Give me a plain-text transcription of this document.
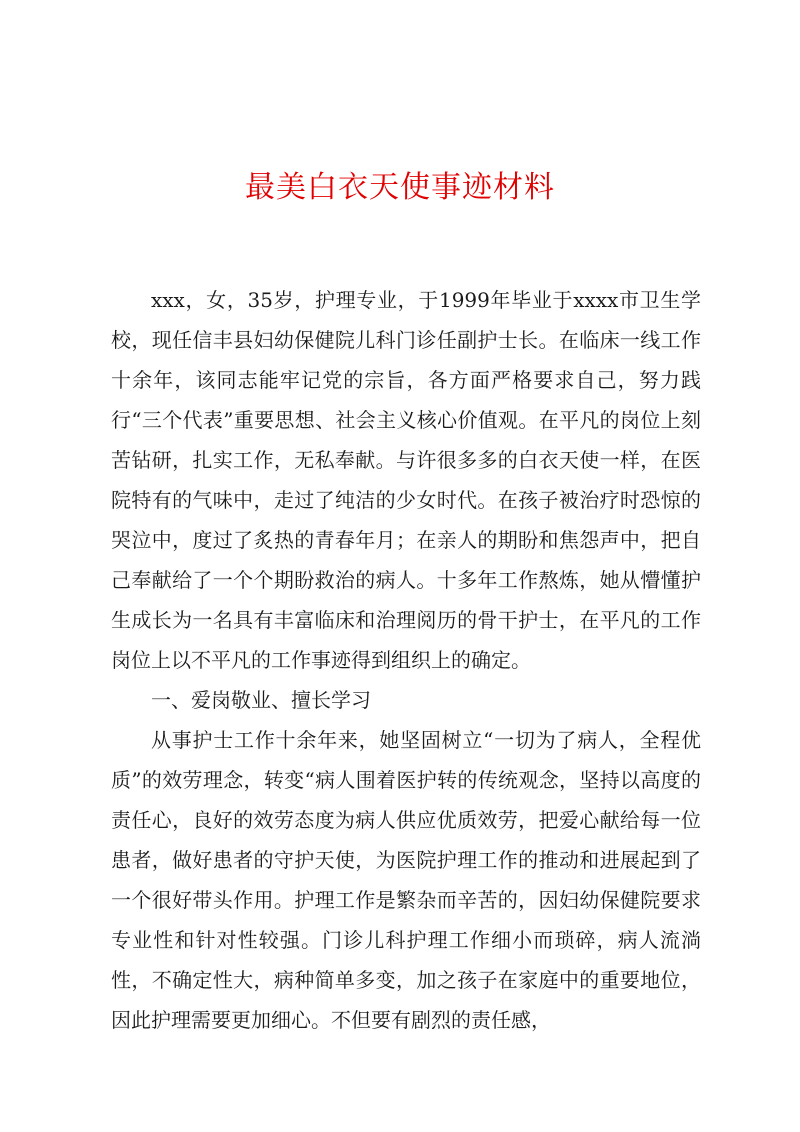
最美白衣天使事迹材料

xxx，女，35岁，护理专业，于1999年毕业于xxxx市卫生学校，现任信丰县妇幼保健院儿科门诊任副护士长。在临床一线工作十余年，该同志能牢记党的宗旨，各方面严格要求自己，努力践行“三个代表”重要思想、社会主义核心价值观。在平凡的岗位上刻苦钻研，扎实工作，无私奉献。与许很多多的白衣天使一样，在医院特有的气味中，走过了纯洁的少女时代。在孩子被治疗时恐惊的哭泣中，度过了炙热的青春年月；在亲人的期盼和焦怨声中，把自己奉献给了一个个期盼救治的病人。十多年工作熬炼，她从懵懂护生成长为一名具有丰富临床和治理阅历的骨干护士，在平凡的工作岗位上以不平凡的工作事迹得到组织上的确定。

一、爱岗敬业、擅长学习

从事护士工作十余年来，她坚固树立“一切为了病人，全程优质”的效劳理念，转变“病人围着医护转的传统观念，坚持以高度的责任心，良好的效劳态度为病人供应优质效劳，把爱心献给每一位患者，做好患者的守护天使，为医院护理工作的推动和进展起到了一个很好带头作用。护理工作是繁杂而辛苦的，因妇幼保健院要求专业性和针对性较强。门诊儿科护理工作细小而琐碎，病人流淌性，不确定性大，病种简单多变，加之孩子在家庭中的重要地位，因此护理需要更加细心。不但要有剧烈的责任感，
